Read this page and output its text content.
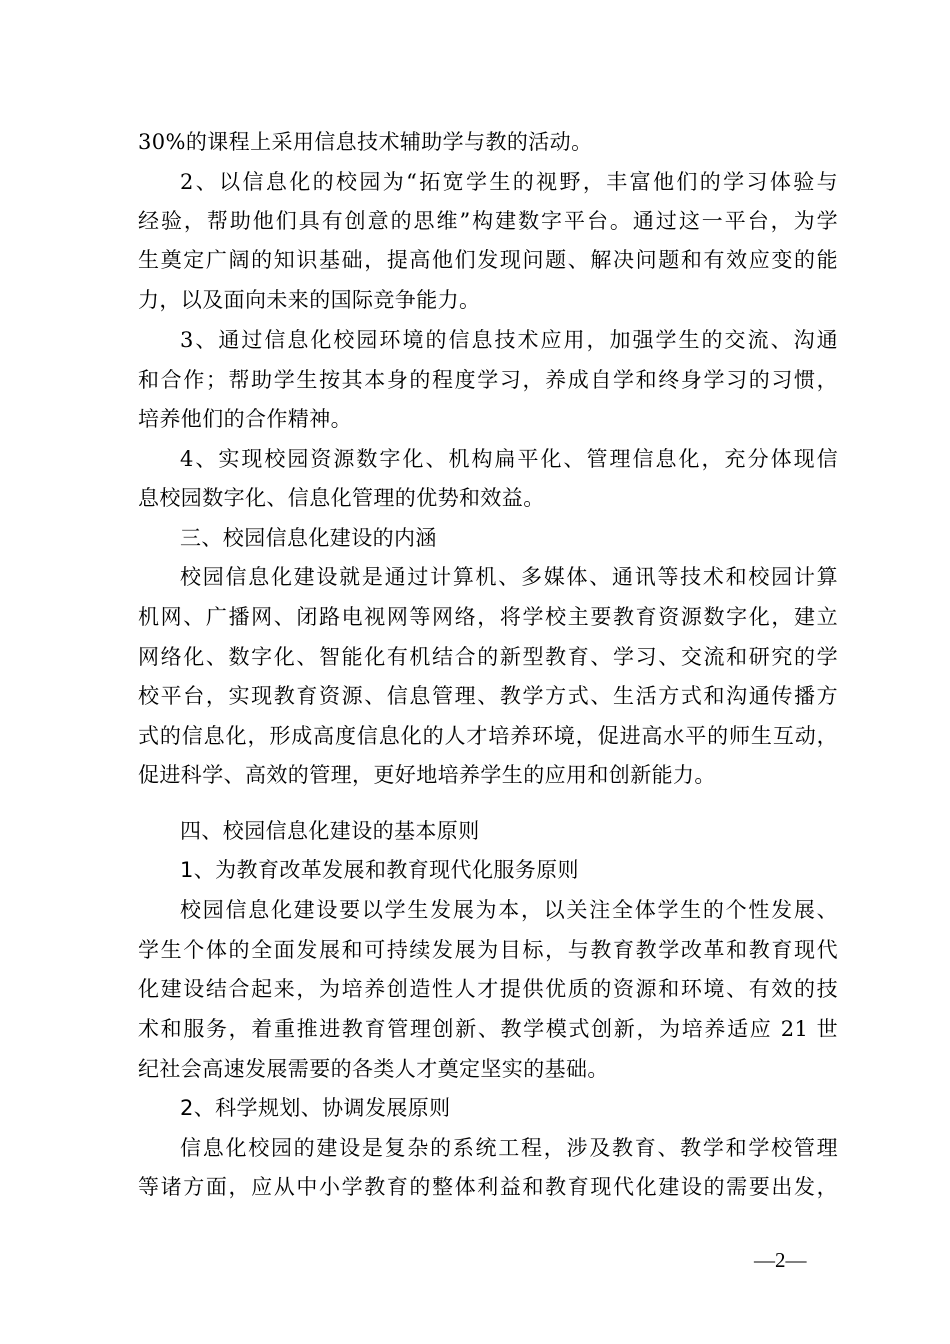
30%的课程上采用信息技术辅助学与教的活动。
2、以信息化的校园为“拓宽学生的视野，丰富他们的学习体验与
经验，帮助他们具有创意的思维”构建数字平台。通过这一平台，为学
生奠定广阔的知识基础，提高他们发现问题、解决问题和有效应变的能
力，以及面向未来的国际竞争能力。
3、通过信息化校园环境的信息技术应用，加强学生的交流、沟通
和合作；帮助学生按其本身的程度学习，养成自学和终身学习的习惯，
培养他们的合作精神。
4、实现校园资源数字化、机构扁平化、管理信息化，充分体现信
息校园数字化、信息化管理的优势和效益。
三、校园信息化建设的内涵
校园信息化建设就是通过计算机、多媒体、通讯等技术和校园计算
机网、广播网、闭路电视网等网络，将学校主要教育资源数字化，建立
网络化、数字化、智能化有机结合的新型教育、学习、交流和研究的学
校平台，实现教育资源、信息管理、教学方式、生活方式和沟通传播方
式的信息化，形成高度信息化的人才培养环境，促进高水平的师生互动，
促进科学、高效的管理，更好地培养学生的应用和创新能力。
四、校园信息化建设的基本原则
1、为教育改革发展和教育现代化服务原则
校园信息化建设要以学生发展为本，以关注全体学生的个性发展、
学生个体的全面发展和可持续发展为目标，与教育教学改革和教育现代
化建设结合起来，为培养创造性人才提供优质的资源和环境、有效的技
术和服务，着重推进教育管理创新、教学模式创新，为培养适应 21 世
纪社会高速发展需要的各类人才奠定坚实的基础。
2、科学规划、协调发展原则
信息化校园的建设是复杂的系统工程，涉及教育、教学和学校管理
等诸方面，应从中小学教育的整体利益和教育现代化建设的需要出发，
—2—
